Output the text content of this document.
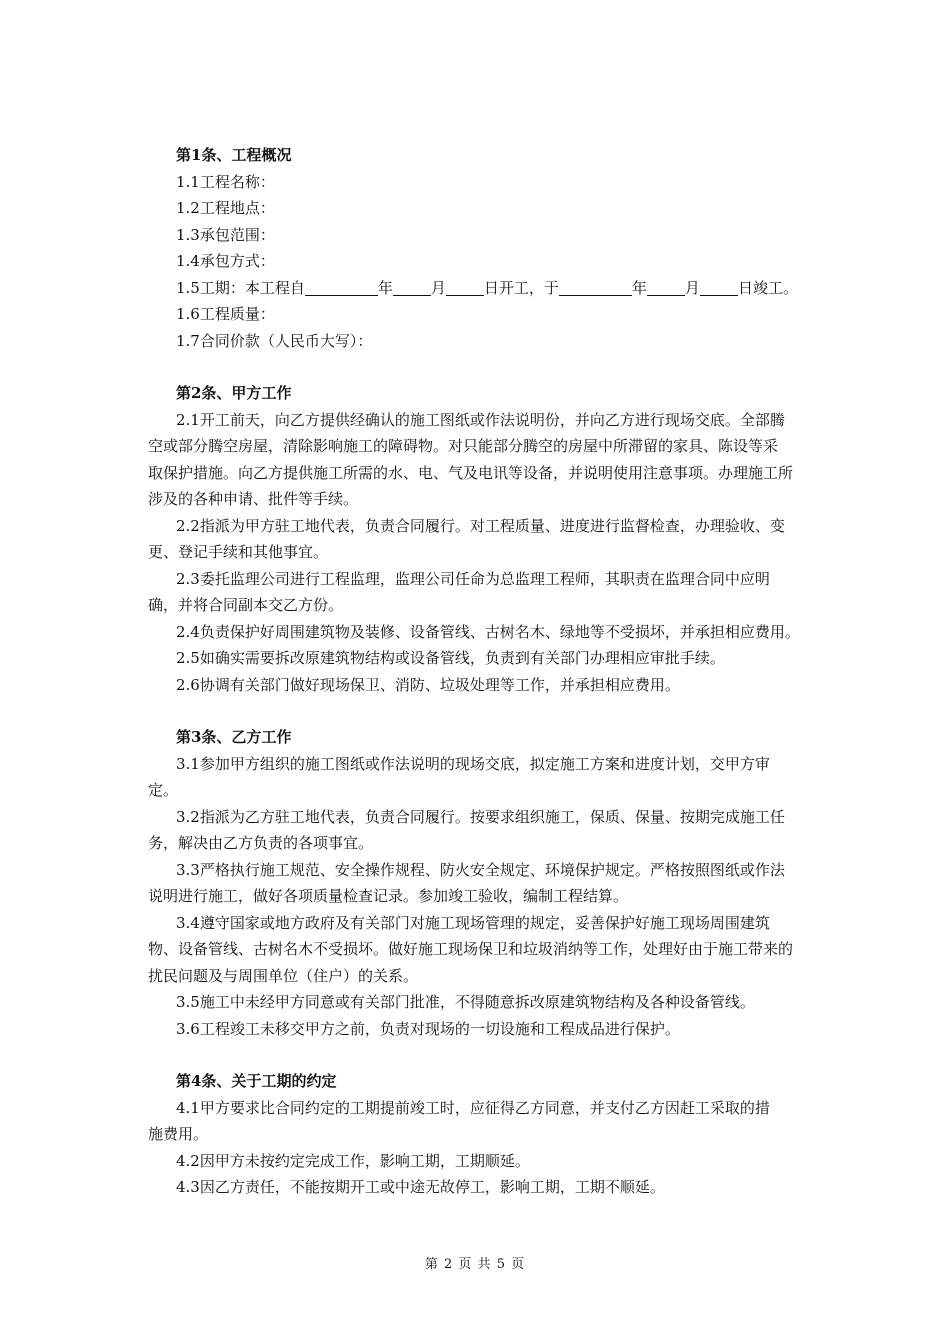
第1条、工程概况
1.1工程名称：
1.2工程地点：
1.3承包范围：
1.4承包方式：
1.5工期：本工程自	年	月	日开工，于	年	月	日竣工。
1.6工程质量：
1.7合同价款（人民币大写）：
第2条、甲方工作
2.1开工前天，向乙方提供经确认的施工图纸或作法说明份，并向乙方进行现场交底。全部腾
空或部分腾空房屋，清除影响施工的障碍物。对只能部分腾空的房屋中所滞留的家具、陈设等采
取保护措施。向乙方提供施工所需的水、电、气及电讯等设备，并说明使用注意事项。办理施工所
涉及的各种申请、批件等手续。
2.2指派为甲方驻工地代表，负责合同履行。对工程质量、进度进行监督检查，办理验收、变
更、登记手续和其他事宜。
2.3委托监理公司进行工程监理，监理公司任命为总监理工程师，其职责在监理合同中应明
确，并将合同副本交乙方份。
2.4负责保护好周围建筑物及装修、设备管线、古树名木、绿地等不受损坏，并承担相应费用。
2.5如确实需要拆改原建筑物结构或设备管线，负责到有关部门办理相应审批手续。
2.6协调有关部门做好现场保卫、消防、垃圾处理等工作，并承担相应费用。
第3条、乙方工作
3.1参加甲方组织的施工图纸或作法说明的现场交底，拟定施工方案和进度计划，交甲方审
定。
3.2指派为乙方驻工地代表，负责合同履行。按要求组织施工，保质、保量、按期完成施工任
务，解决由乙方负责的各项事宜。
3.3严格执行施工规范、安全操作规程、防火安全规定、环境保护规定。严格按照图纸或作法
说明进行施工，做好各项质量检查记录。参加竣工验收，编制工程结算。
3.4遵守国家或地方政府及有关部门对施工现场管理的规定，妥善保护好施工现场周围建筑
物、设备管线、古树名木不受损坏。做好施工现场保卫和垃圾消纳等工作，处理好由于施工带来的
扰民问题及与周围单位（住户）的关系。
3.5施工中未经甲方同意或有关部门批准，不得随意拆改原建筑物结构及各种设备管线。
3.6工程竣工未移交甲方之前，负责对现场的一切设施和工程成品进行保护。
第4条、关于工期的约定
4.1甲方要求比合同约定的工期提前竣工时，应征得乙方同意，并支付乙方因赶工采取的措
施费用。
4.2因甲方未按约定完成工作，影响工期，工期顺延。
4.3因乙方责任，不能按期开工或中途无故停工，影响工期，工期不顺延。
第 2 页 共 5 页
